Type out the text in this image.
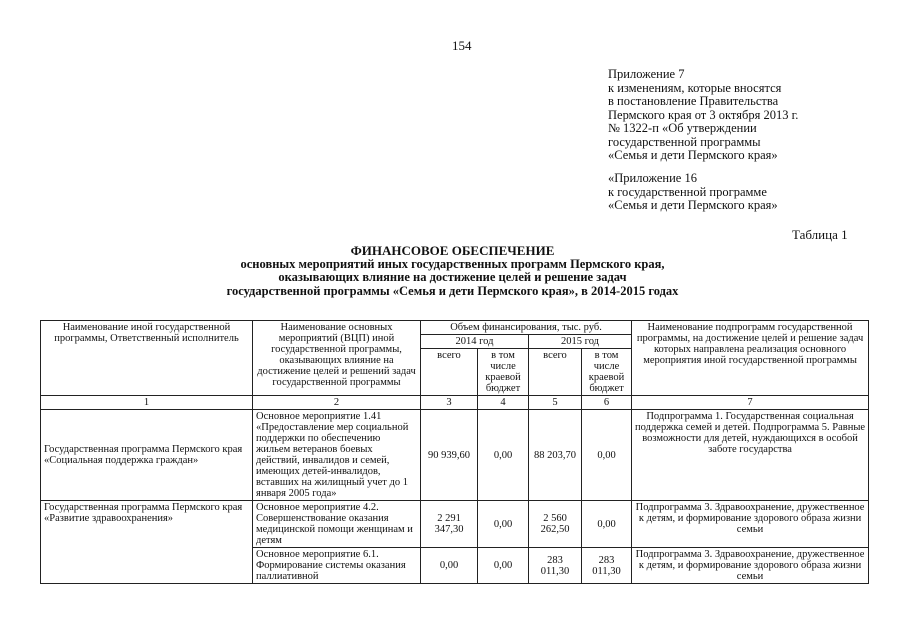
154
Приложение 7
к изменениям, которые вносятся
в постановление Правительства
Пермского края от 3 октября 2013 г.
№ 1322-п «Об утверждении
государственной программы
«Семья и дети Пермского края»
«Приложение 16
к государственной программе
«Семья и дети Пермского края»
Таблица 1
ФИНАНСОВОЕ ОБЕСПЕЧЕНИЕ
основных мероприятий иных государственных программ Пермского края,
оказывающих влияние на достижение целей и решение задач
государственной программы «Семья и дети Пермского края», в 2014-2015 годах
Наименование иной государственной программы, Ответственный исполнитель	Наименование основных мероприятий (ВЦП) иной государственной программы, оказывающих влияние на достижение целей и решений задач государственной программы	Объем финансирования, тыс. руб.				Наименование подпрограмм государственной программы, на достижение целей и решение задач которых направлена реализация основного мероприятия иной государственной программы
		2014 год		2015 год		
		всего	в том числе краевой бюджет	всего	в том числе краевой бюджет	
1	2	3	4	5	6	7
Государственная программа Пермского края «Социальная поддержка граждан»	Основное мероприятие 1.41 «Предоставление мер социальной поддержки по обеспечению жильем ветеранов боевых действий, инвалидов и семей, имеющих детей-инвалидов, вставших на жилищный учет до 1 января 2005 года»	90 939,60	0,00	88 203,70	0,00	Подпрограмма 1. Государственная социальная поддержка семей и детей. Подпрограмма 5. Равные возможности для детей, нуждающихся в особой заботе государства
Государственная программа Пермского края «Развитие здравоохранения»	Основное мероприятие 4.2. Совершенствование оказания медицинской помощи женщинам и детям	2 291 347,30	0,00	2 560 262,50	0,00	Подпрограмма 3. Здравоохранение, дружественное к детям, и формирование здорового образа жизни семьи
	Основное мероприятие 6.1. Формирование системы оказания паллиативной	0,00	0,00	283 011,30	283 011,30	Подпрограмма 3. Здравоохранение, дружественное к детям, и формирование здорового образа жизни семьи
